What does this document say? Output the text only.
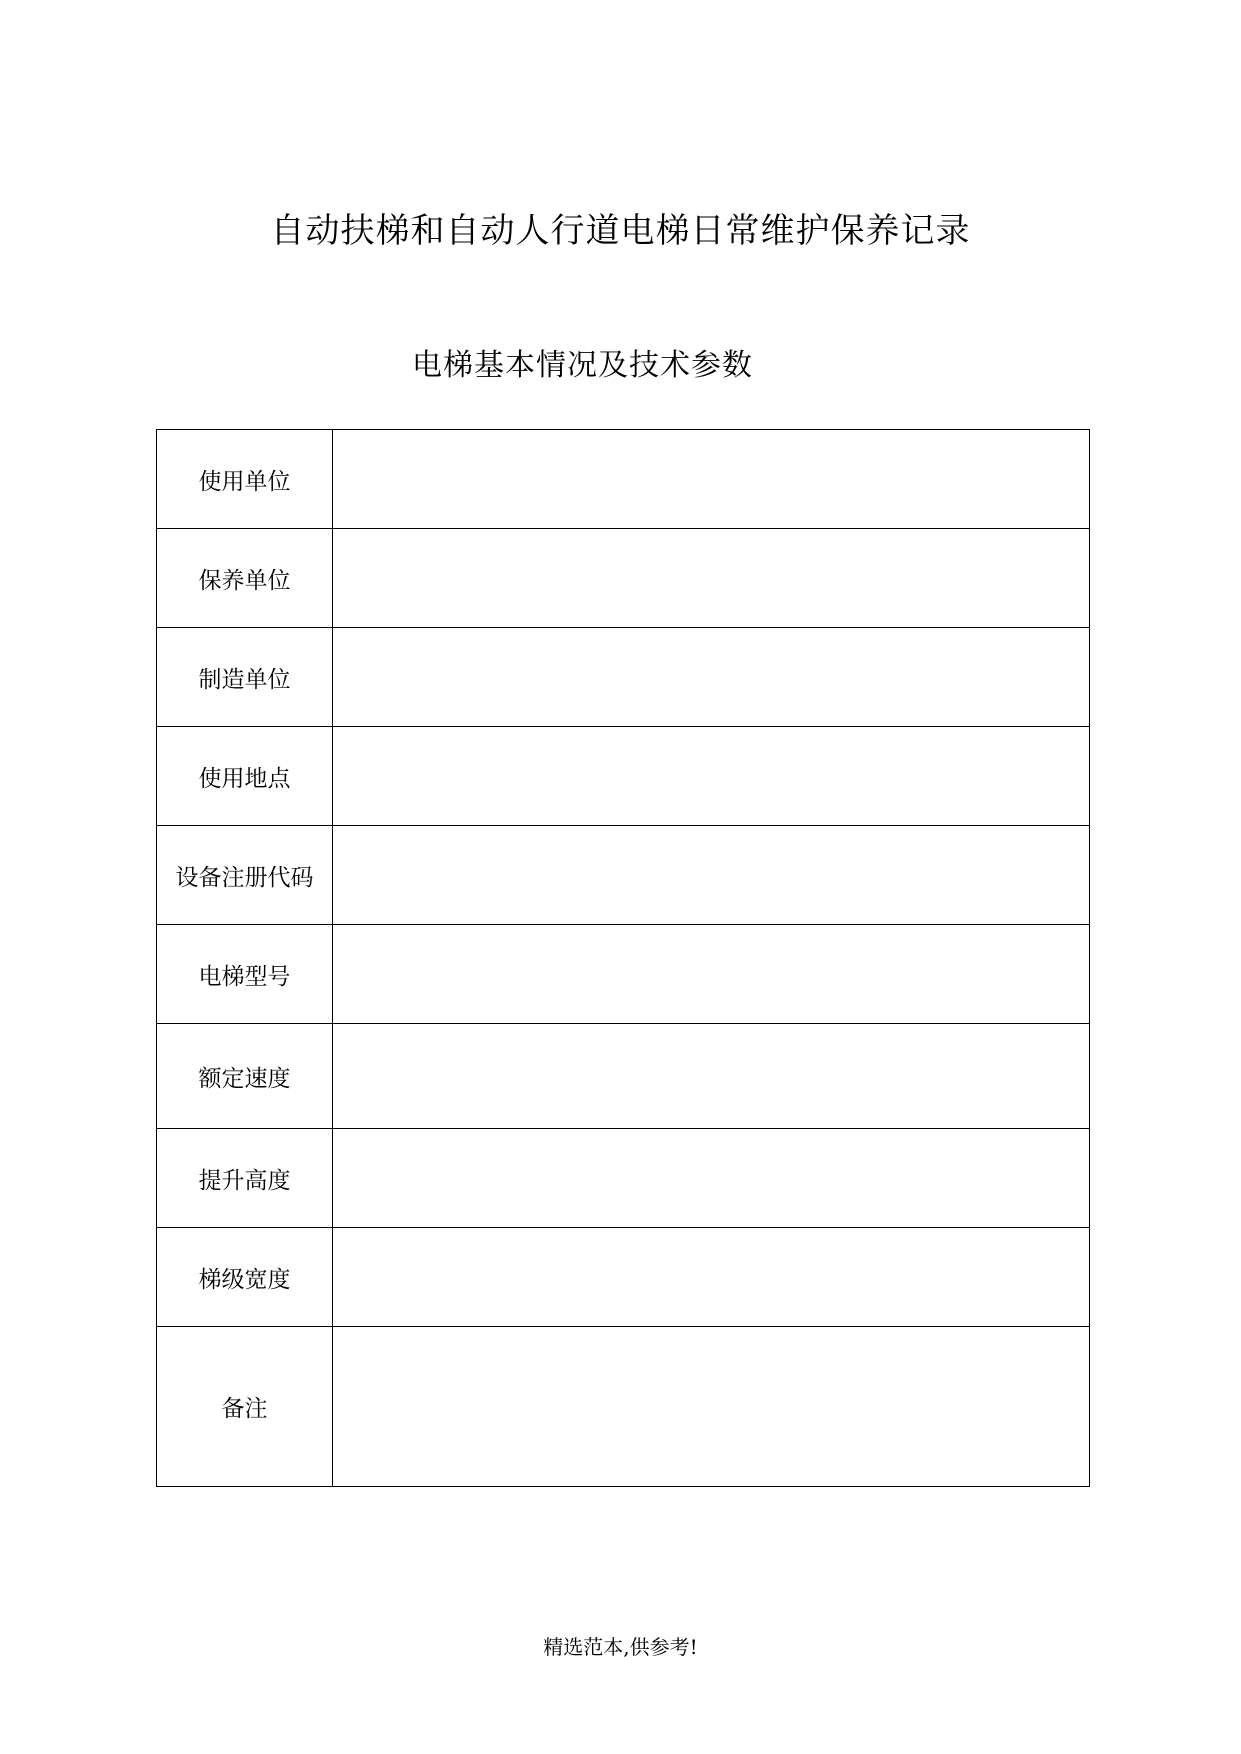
自动扶梯和自动人行道电梯日常维护保养记录
电梯基本情况及技术参数
使用单位	
保养单位	
制造单位	
使用地点	
设备注册代码	
电梯型号	
额定速度	
提升高度	
梯级宽度	
备注	
精选范本,供参考!
